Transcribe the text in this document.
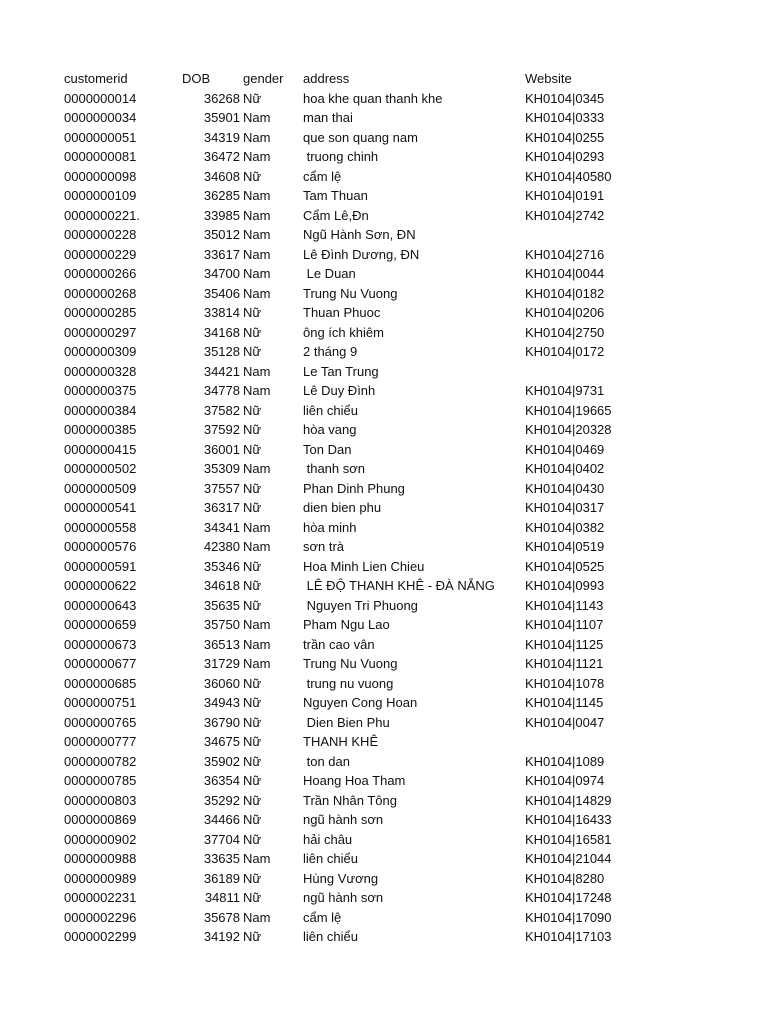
customerid	DOB	gender address	Website
0000000014	36268 Nữ	hoa khe quan thanh khe	KH0104|0345
0000000034	35901 Nam	man thai	KH0104|0333
0000000051	34319 Nam	que son quang nam	KH0104|0255
0000000081	36472 Nam	truong chinh	KH0104|0293
0000000098	34608 Nữ	cẩm lệ	KH0104|40580
0000000109	36285 Nam	Tam Thuan	KH0104|0191
0000000221.	33985 Nam	Cẩm Lê,Đn	KH0104|2742
0000000228	35012 Nam	Ngũ Hành Sơn, ĐN
0000000229	33617 Nam	Lê Đình Dương, ĐN	KH0104|2716
0000000266	34700 Nam	Le Duan	KH0104|0044
0000000268	35406 Nam	Trung Nu Vuong	KH0104|0182
0000000285	33814 Nữ	Thuan Phuoc	KH0104|0206
0000000297	34168 Nữ	ông ích khiêm	KH0104|2750
0000000309	35128 Nữ	2 tháng 9	KH0104|0172
0000000328	34421 Nam	Le Tan Trung
0000000375	34778 Nam	Lê Duy Đình	KH0104|9731
0000000384	37582 Nữ	liên chiểu	KH0104|19665
0000000385	37592 Nữ	hòa vang	KH0104|20328
0000000415	36001 Nữ	Ton Dan	KH0104|0469
0000000502	35309 Nam	thanh sơn	KH0104|0402
0000000509	37557 Nữ	Phan Dinh Phung	KH0104|0430
0000000541	36317 Nữ	dien bien phu	KH0104|0317
0000000558	34341 Nam	hòa minh	KH0104|0382
0000000576	42380 Nam	sơn trà	KH0104|0519
0000000591	35346 Nữ	Hoa Minh Lien Chieu	KH0104|0525
0000000622	34618 Nữ	LÊ ĐỘ THANH KHÊ - ĐÀ NẴNG KH0104|0993
0000000643	35635 Nữ	Nguyen Tri Phuong	KH0104|1143
0000000659	35750 Nam	Pham Ngu Lao	KH0104|1107
0000000673	36513 Nam	trần cao vân	KH0104|1125
0000000677	31729 Nam	Trung Nu Vuong	KH0104|1121
0000000685	36060 Nữ	trung nu vuong	KH0104|1078
0000000751	34943 Nữ	Nguyen Cong Hoan	KH0104|1145
0000000765	36790 Nữ	Dien Bien Phu	KH0104|0047
0000000777	34675 Nữ	THANH KHÊ
0000000782	35902 Nữ	ton dan	KH0104|1089
0000000785	36354 Nữ	Hoang Hoa Tham	KH0104|0974
0000000803	35292 Nữ	Trần Nhân Tông	KH0104|14829
0000000869	34466 Nữ	ngũ hành sơn	KH0104|16433
0000000902	37704 Nữ	hải châu	KH0104|16581
0000000988	33635 Nam	liên chiểu	KH0104|21044
0000000989	36189 Nữ	Hùng Vương	KH0104|8280
0000002231	34811 Nữ	ngũ hành sơn	KH0104|17248
0000002296	35678 Nam	cẩm lệ	KH0104|17090
0000002299	34192 Nữ	liên chiểu	KH0104|17103
